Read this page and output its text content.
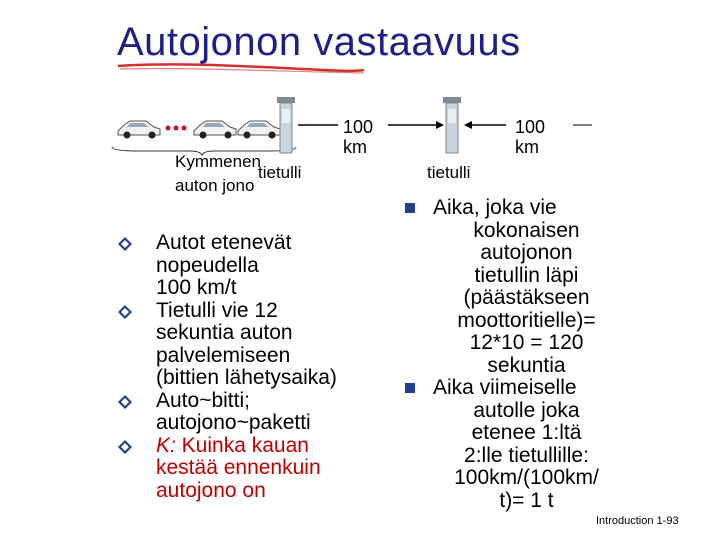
Autojonon vastaavuus
100
km
100
km
Kymmenen
tietulli
auton jono
tietulli
Autot etenevät
nopeudella
100 km/t
Tietulli vie 12
sekuntia auton
palvelemiseen
(bittien lähetysaika)
Auto~bitti;
autojono~paketti
K: Kuinka kauan
kestää ennenkuin
autojono on
Aika, joka vie
kokonaisen
autojonon
tietullin läpi
(päästäkseen
moottoritielle)=
12*10 = 120
sekuntia
Aika viimeiselle
autolle joka
etenee 1:ltä
2:lle tietullille:
100km/(100km/
t)= 1 t
Introduction 1-93
